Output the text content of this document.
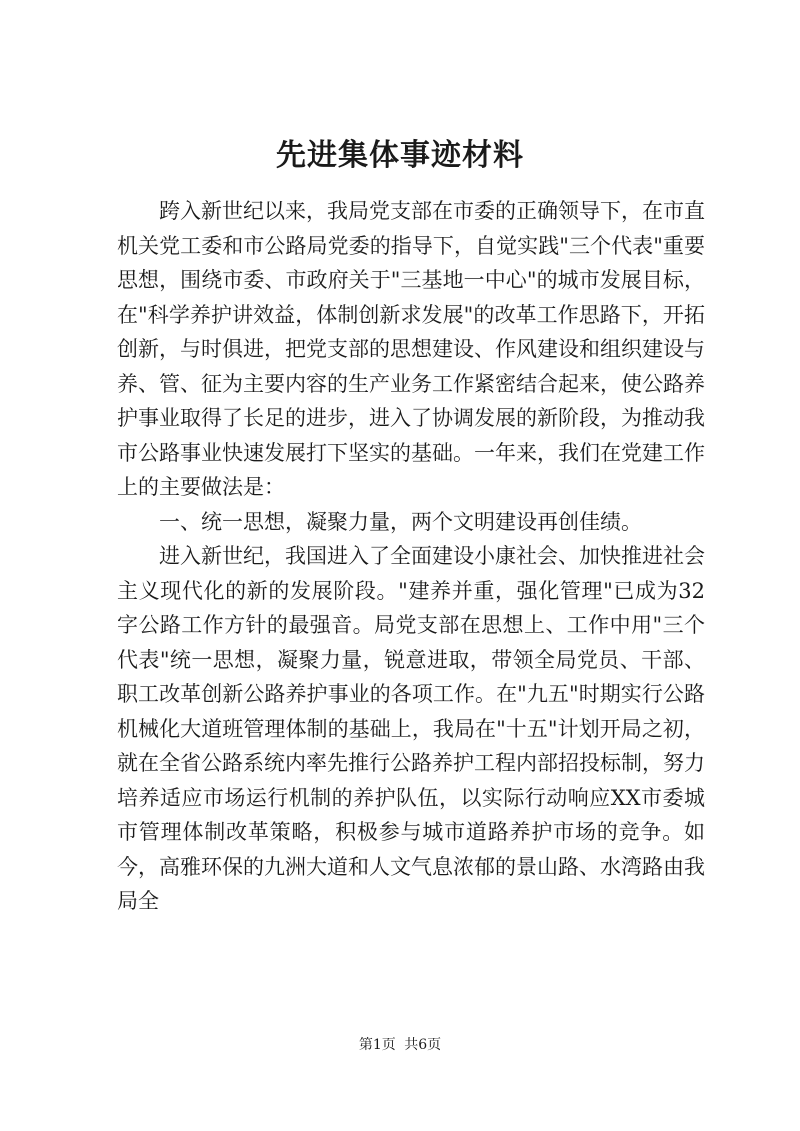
先进集体事迹材料

跨入新世纪以来，我局党支部在市委的正确领导下，在市直机关党工委和市公路局党委的指导下，自觉实践"三个代表"重要思想，围绕市委、市政府关于"三基地一中心"的城市发展目标，在"科学养护讲效益，体制创新求发展"的改革工作思路下，开拓创新，与时俱进，把党支部的思想建设、作风建设和组织建设与养、管、征为主要内容的生产业务工作紧密结合起来，使公路养护事业取得了长足的进步，进入了协调发展的新阶段，为推动我市公路事业快速发展打下坚实的基础。一年来，我们在党建工作上的主要做法是：

一、统一思想，凝聚力量，两个文明建设再创佳绩。

进入新世纪，我国进入了全面建设小康社会、加快推进社会主义现代化的新的发展阶段。"建养并重，强化管理"已成为32字公路工作方针的最强音。局党支部在思想上、工作中用"三个代表"统一思想，凝聚力量，锐意进取，带领全局党员、干部、职工改革创新公路养护事业的各项工作。在"九五"时期实行公路机械化大道班管理体制的基础上，我局在"十五"计划开局之初，就在全省公路系统内率先推行公路养护工程内部招投标制，努力培养适应市场运行机制的养护队伍，以实际行动响应XX市委城市管理体制改革策略，积极参与城市道路养护市场的竞争。如今，高雅环保的九洲大道和人文气息浓郁的景山路、水湾路由我局全

第1页 共6页
